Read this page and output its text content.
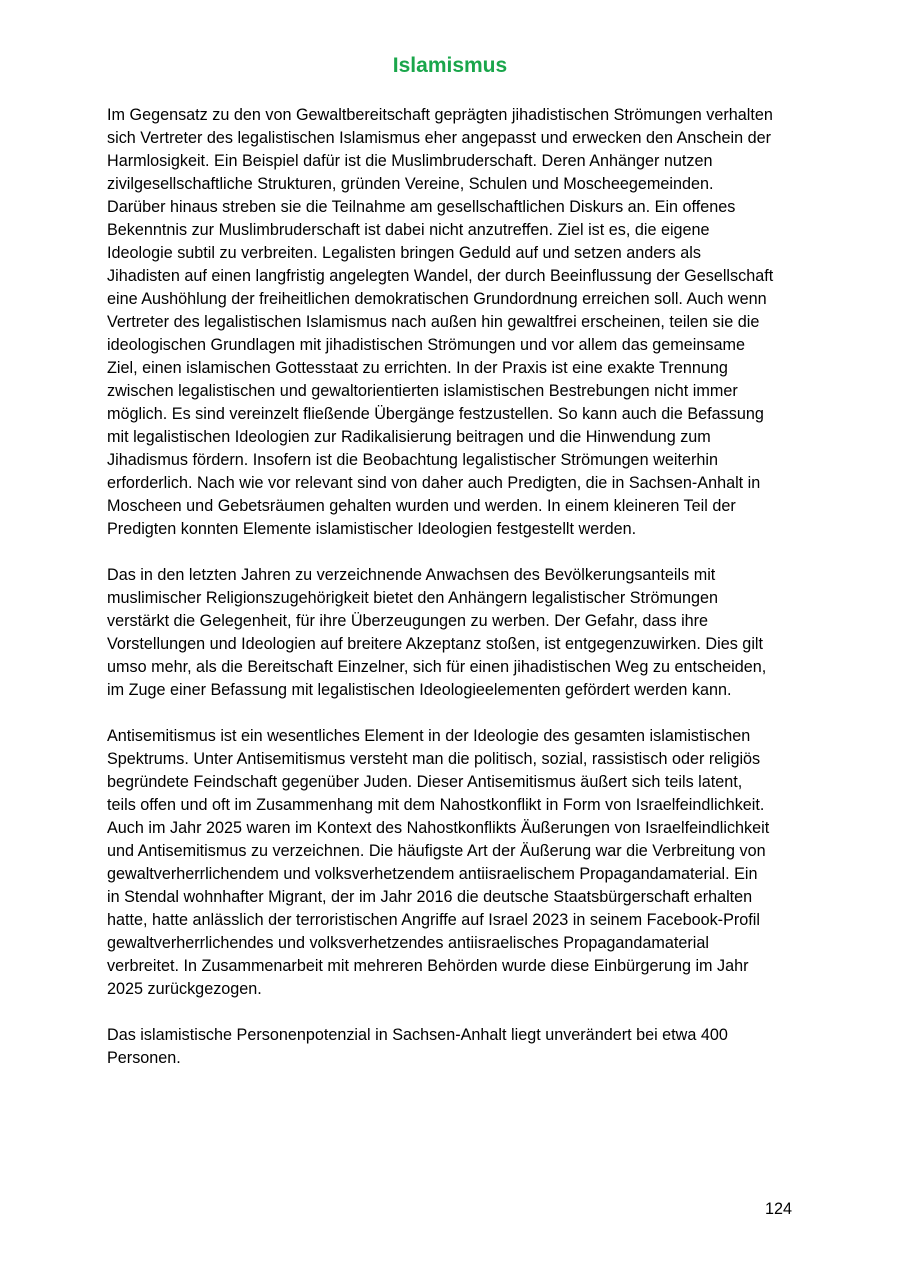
Islamismus

Im Gegensatz zu den von Gewaltbereitschaft geprägten jihadistischen Strömungen verhalten
sich Vertreter des legalistischen Islamismus eher angepasst und erwecken den Anschein der
Harmlosigkeit. Ein Beispiel dafür ist die Muslimbruderschaft. Deren Anhänger nutzen
zivilgesellschaftliche Strukturen, gründen Vereine, Schulen und Moscheegemeinden.
Darüber hinaus streben sie die Teilnahme am gesellschaftlichen Diskurs an. Ein offenes
Bekenntnis zur Muslimbruderschaft ist dabei nicht anzutreffen. Ziel ist es, die eigene
Ideologie subtil zu verbreiten. Legalisten bringen Geduld auf und setzen anders als
Jihadisten auf einen langfristig angelegten Wandel, der durch Beeinflussung der Gesellschaft
eine Aushöhlung der freiheitlichen demokratischen Grundordnung erreichen soll. Auch wenn
Vertreter des legalistischen Islamismus nach außen hin gewaltfrei erscheinen, teilen sie die
ideologischen Grundlagen mit jihadistischen Strömungen und vor allem das gemeinsame
Ziel, einen islamischen Gottesstaat zu errichten. In der Praxis ist eine exakte Trennung
zwischen legalistischen und gewaltorientierten islamistischen Bestrebungen nicht immer
möglich. Es sind vereinzelt fließende Übergänge festzustellen. So kann auch die Befassung
mit legalistischen Ideologien zur Radikalisierung beitragen und die Hinwendung zum
Jihadismus fördern. Insofern ist die Beobachtung legalistischer Strömungen weiterhin
erforderlich. Nach wie vor relevant sind von daher auch Predigten, die in Sachsen-Anhalt in
Moscheen und Gebetsräumen gehalten wurden und werden. In einem kleineren Teil der
Predigten konnten Elemente islamistischer Ideologien festgestellt werden.

Das in den letzten Jahren zu verzeichnende Anwachsen des Bevölkerungsanteils mit
muslimischer Religionszugehörigkeit bietet den Anhängern legalistischer Strömungen
verstärkt die Gelegenheit, für ihre Überzeugungen zu werben. Der Gefahr, dass ihre
Vorstellungen und Ideologien auf breitere Akzeptanz stoßen, ist entgegenzuwirken. Dies gilt
umso mehr, als die Bereitschaft Einzelner, sich für einen jihadistischen Weg zu entscheiden,
im Zuge einer Befassung mit legalistischen Ideologieelementen gefördert werden kann.

Antisemitismus ist ein wesentliches Element in der Ideologie des gesamten islamistischen
Spektrums. Unter Antisemitismus versteht man die politisch, sozial, rassistisch oder religiös
begründete Feindschaft gegenüber Juden. Dieser Antisemitismus äußert sich teils latent,
teils offen und oft im Zusammenhang mit dem Nahostkonflikt in Form von Israelfeindlichkeit.
Auch im Jahr 2025 waren im Kontext des Nahostkonflikts Äußerungen von Israelfeindlichkeit
und Antisemitismus zu verzeichnen. Die häufigste Art der Äußerung war die Verbreitung von
gewaltverherrlichendem und volksverhetzendem antiisraelischem Propagandamaterial. Ein
in Stendal wohnhafter Migrant, der im Jahr 2016 die deutsche Staatsbürgerschaft erhalten
hatte, hatte anlässlich der terroristischen Angriffe auf Israel 2023 in seinem Facebook-Profil
gewaltverherrlichendes und volksverhetzendes antiisraelisches Propagandamaterial
verbreitet. In Zusammenarbeit mit mehreren Behörden wurde diese Einbürgerung im Jahr
2025 zurückgezogen.

Das islamistische Personenpotenzial in Sachsen-Anhalt liegt unverändert bei etwa 400
Personen.

124
